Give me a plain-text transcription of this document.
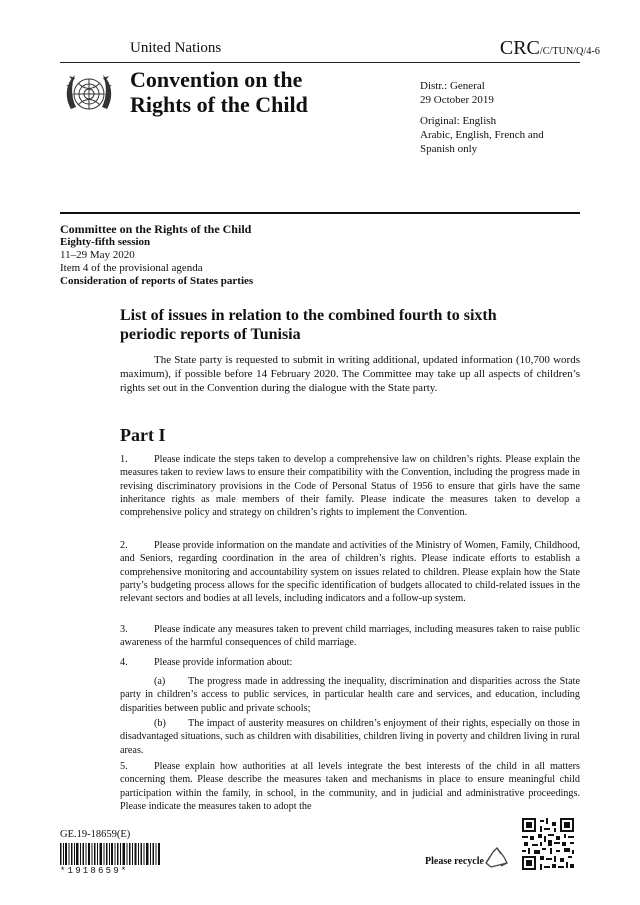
United Nations	CRC/C/TUN/Q/4-6
Convention on the
Rights of the Child
Distr.: General
29 October 2019
Original: English
Arabic, English, French and Spanish only
Committee on the Rights of the Child
Eighty-fifth session
11–29 May 2020
Item 4 of the provisional agenda
Consideration of reports of States parties
List of issues in relation to the combined fourth to sixth periodic reports of Tunisia

The State party is requested to submit in writing additional, updated information (10,700 words maximum), if possible before 14 February 2020. The Committee may take up all aspects of children’s rights set out in the Convention during the dialogue with the State party.

Part I

1.	Please indicate the steps taken to develop a comprehensive law on children’s rights. Please explain the measures taken to review laws to ensure their compatibility with the Convention, including the progress made in revising discriminatory provisions in the Code of Personal Status of 1956 to ensure that girls have the same inheritance rights as male members of their family. Please indicate the measures taken to develop a comprehensive policy and strategy on children’s rights to implement the Convention.

2.	Please provide information on the mandate and activities of the Ministry of Women, Family, Childhood, and Seniors, regarding coordination in the area of children’s rights. Please indicate efforts to establish a comprehensive monitoring and accountability system on issues related to children. Please explain how the State party’s budgeting process allows for the specific identification of budgets allocated to child-related issues in the relevant sectors and bodies at all levels, including indicators and a follow-up system.

3.	Please indicate any measures taken to prevent child marriages, including measures taken to raise public awareness of the harmful consequences of child marriage.

4.	Please provide information about:

(a) The progress made in addressing the inequality, discrimination and disparities across the State party in children’s access to public services, in particular health care and services, and education, including disparities between public and private schools;

(b) The impact of austerity measures on children’s enjoyment of their rights, especially on those in disadvantaged situations, such as children with disabilities, children living in poverty and children living in rural areas.

5.	Please explain how authorities at all levels integrate the best interests of the child in all matters concerning them. Please describe the measures taken and mechanisms in place to ensure meaningful child participation within the family, in school, in the community, and in judicial and administrative proceedings. Please indicate the measures taken to adopt the

GE.19-18659(E)
*1918659*
Please recycle
